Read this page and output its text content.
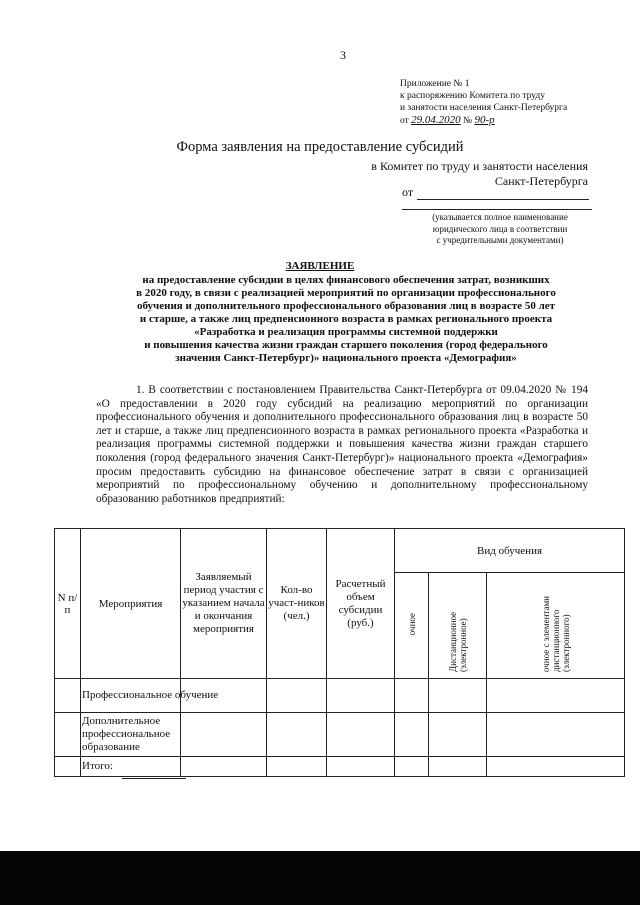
3
Приложение № 1
к распоряжению Комитета по труду
и занятости населения Санкт-Петербурга
от 29.04.2020 № 90-р
Форма заявления на предоставление субсидий
в Комитет по труду и занятости населения
Санкт-Петербурга
от
(указывается полное наименование
юридического лица в соответствии
с учредительными документами)
ЗАЯВЛЕНИЕ
на предоставление субсидии в целях финансового обеспечения затрат, возникших
в 2020 году, в связи с реализацией мероприятий по организации профессионального
обучения и дополнительного профессионального образования лиц в возрасте 50 лет
и старше, а также лиц предпенсионного возраста в рамках регионального проекта
«Разработка и реализация программы системной поддержки
и повышения качества жизни граждан старшего поколения (город федерального
значения Санкт-Петербург)» национального проекта «Демография»
1. В соответствии с постановлением Правительства Санкт-Петербурга от 09.04.2020 № 194 «О предоставлении в 2020 году субсидий на реализацию мероприятий по организации профессионального обучения и дополнительного профессионального образования лиц в возрасте 50 лет и старше, а также лиц предпенсионного возраста в рамках регионального проекта «Разработка и реализация программы системной поддержки и повышения качества жизни граждан старшего поколения (город федерального значения Санкт-Петербург)» национального проекта «Демография» просим предоставить субсидию на финансовое обеспечение затрат в связи с организацией мероприятий по профессиональному обучению и дополнительному профессиональному образованию работников предприятий:
N п/п	Мероприятия	Заявляемый период участия с указанием начала и окончания мероприятия	Кол-во участ-ников (чел.)	Расчетный объем субсидии (руб.)	Вид обучения		
					очное	Дистанционное (электронное)	очное с элементами дистанционного (электронного)
	Профессиональное обучение						
	Дополнительное профессиональное образование						
	Итого:						
